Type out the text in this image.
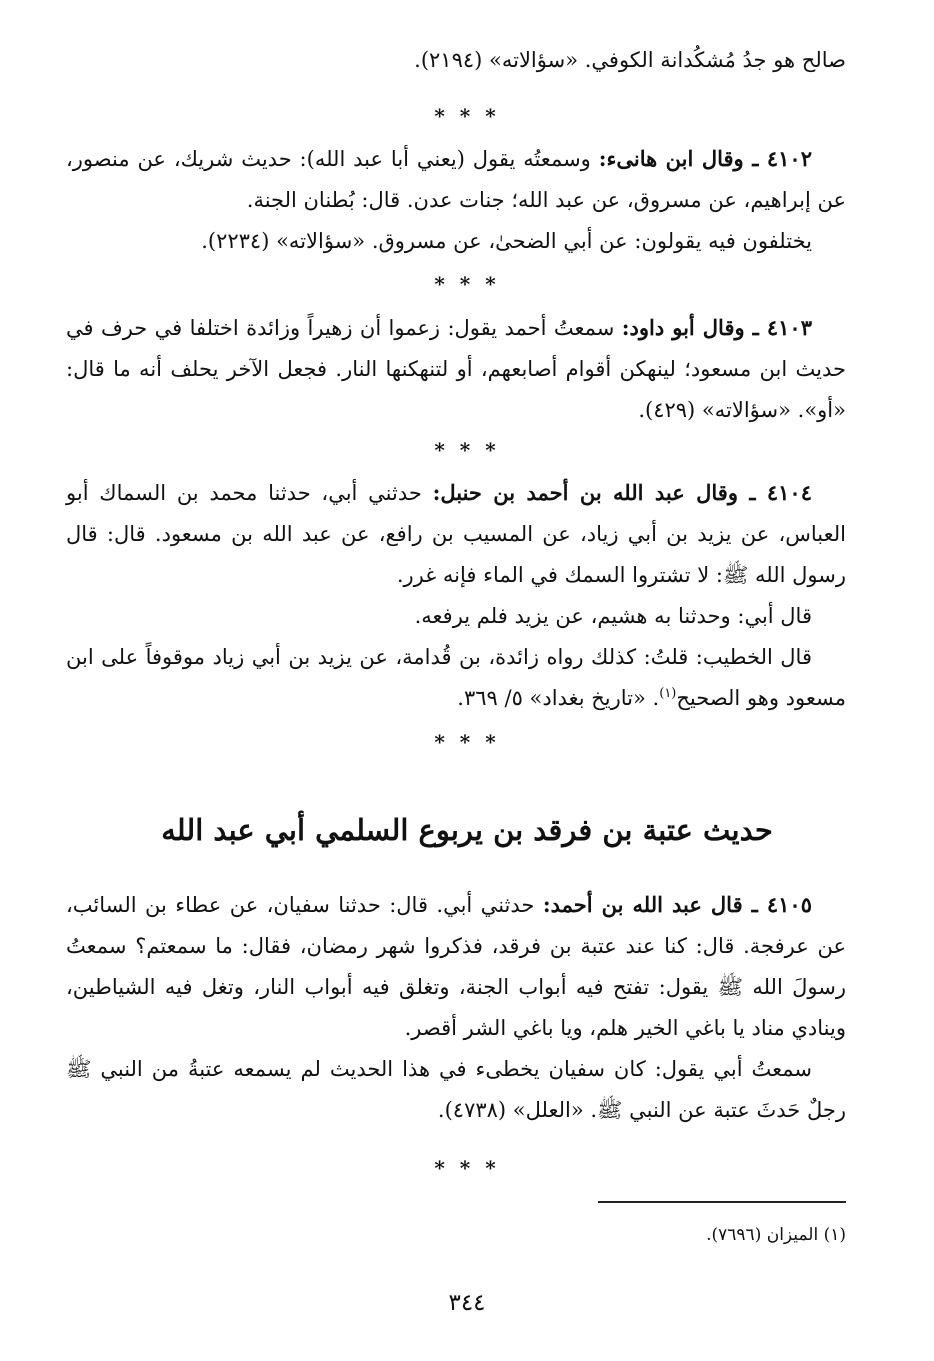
صالح هو جدُ مُشكُدانة الكوفي. «سؤالاته» (٢١٩٤).

* * *

٤١٠٢ ـ وقال ابن هانىء: وسمعتُه يقول (يعني أبا عبد الله): حديث شريك، عن منصور، عن إبراهيم، عن مسروق، عن عبد الله؛ جنات عدن. قال: بُطنان الجنة.

يختلفون فيه يقولون: عن أبي الضحىٰ، عن مسروق. «سؤالاته» (٢٢٣٤).

* * *

٤١٠٣ ـ وقال أبو داود: سمعتُ أحمد يقول: زعموا أن زهيراً وزائدة اختلفا في حرف في حديث ابن مسعود؛ لينهكن أقوام أصابعهم، أو لتنهكنها النار. فجعل الآخر يحلف أنه ما قال: «أو». «سؤالاته» (٤٢٩).

* * *

٤١٠٤ ـ وقال عبد الله بن أحمد بن حنبل: حدثني أبي، حدثنا محمد بن السماك أبو العباس، عن يزيد بن أبي زياد، عن المسيب بن رافع، عن عبد الله بن مسعود. قال: قال رسول الله ﷺ: لا تشتروا السمك في الماء فإنه غرر.

قال أبي: وحدثنا به هشيم، عن يزيد فلم يرفعه.

قال الخطيب: قلتُ: كذلك رواه زائدة، بن قُدامة، عن يزيد بن أبي زياد موقوفاً على ابن مسعود وهو الصحيح$^{(١)}$. «تاريخ بغداد» ٥/ ٣٦٩.

* * *
حديث عتبة بن فرقد بن يربوع السلمي أبي عبد الله

٤١٠٥ ـ قال عبد الله بن أحمد: حدثني أبي. قال: حدثنا سفيان، عن عطاء بن السائب، عن عرفجة. قال: كنا عند عتبة بن فرقد، فذكروا شهر رمضان، فقال: ما سمعتم؟ سمعتُ رسولَ الله ﷺ يقول: تفتح فيه أبواب الجنة، وتغلق فيه أبواب النار، وتغل فيه الشياطين، وينادي مناد يا باغي الخير هلم، ويا باغي الشر أقصر.

سمعتُ أبي يقول: كان سفيان يخطىء في هذا الحديث لم يسمعه عتبةُ من النبي ﷺ رجلٌ حَدثَ عتبة عن النبي ﷺ. «العلل» (٤٧٣٨).

* * *
(١) الميزان (٧٦٩٦).
٣٤٤
